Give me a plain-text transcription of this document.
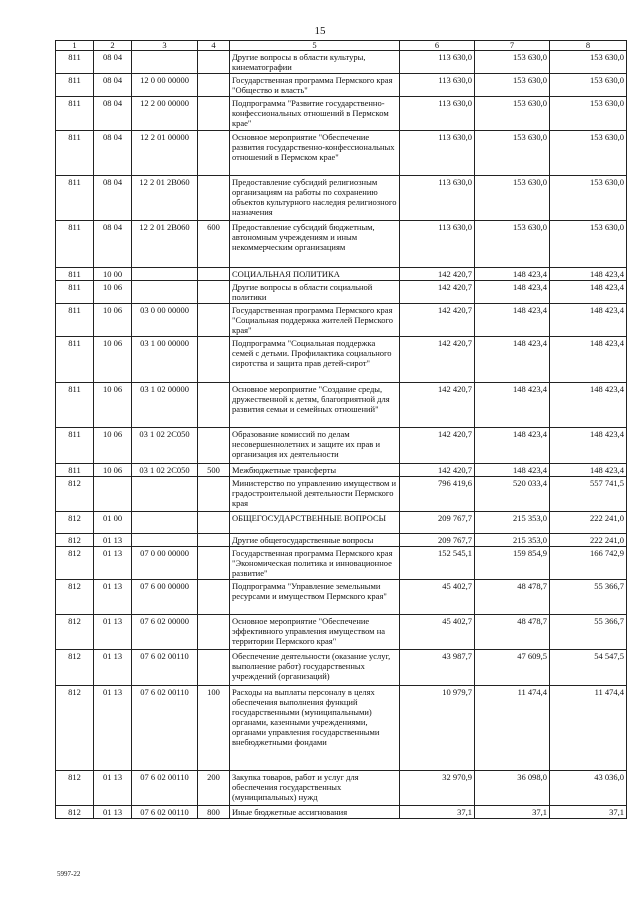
15
1	2	3	4	5	6	7	8
811	08 04			Другие вопросы в области культуры, кинематографии	113 630,0	153 630,0	153 630,0
811	08 04	12 0 00 00000		Государственная программа Пермского края "Общество и власть"	113 630,0	153 630,0	153 630,0
811	08 04	12 2 00 00000		Подпрограмма "Развитие государственно-конфессиональных отношений в Пермском крае"	113 630,0	153 630,0	153 630,0
811	08 04	12 2 01 00000		Основное мероприятие "Обеспечение развития государственно-конфессиональных отношений в Пермском крае"	113 630,0	153 630,0	153 630,0
811	08 04	12 2 01 2В060		Предоставление субсидий религиозным организациям на работы по сохранению объектов культурного наследия религиозного назначения	113 630,0	153 630,0	153 630,0
811	08 04	12 2 01 2В060	600	Предоставление субсидий бюджетным, автономным учреждениям и иным некоммерческим организациям	113 630,0	153 630,0	153 630,0
811	10 00			СОЦИАЛЬНАЯ ПОЛИТИКА	142 420,7	148 423,4	148 423,4
811	10 06			Другие вопросы в области социальной политики	142 420,7	148 423,4	148 423,4
811	10 06	03 0 00 00000		Государственная программа Пермского края "Социальная поддержка жителей Пермского края"	142 420,7	148 423,4	148 423,4
811	10 06	03 1 00 00000		Подпрограмма "Социальная поддержка семей с детьми. Профилактика социального сиротства и защита прав детей-сирот"	142 420,7	148 423,4	148 423,4
811	10 06	03 1 02 00000		Основное мероприятие "Создание среды, дружественной к детям, благоприятной для развития семьи и семейных отношений"	142 420,7	148 423,4	148 423,4
811	10 06	03 1 02 2С050		Образование комиссий по делам несовершеннолетних и защите их прав и организация их деятельности	142 420,7	148 423,4	148 423,4
811	10 06	03 1 02 2С050	500	Межбюджетные трансферты	142 420,7	148 423,4	148 423,4
812				Министерство по управлению имуществом и градостроительной деятельности Пермского края	796 419,6	520 033,4	557 741,5
812	01 00			ОБЩЕГОСУДАРСТВЕННЫЕ ВОПРОСЫ	209 767,7	215 353,0	222 241,0
812	01 13			Другие общегосударственные вопросы	209 767,7	215 353,0	222 241,0
812	01 13	07 0 00 00000		Государственная программа Пермского края "Экономическая политика и инновационное развитие"	152 545,1	159 854,9	166 742,9
812	01 13	07 6 00 00000		Подпрограмма "Управление земельными ресурсами и имуществом Пермского края"	45 402,7	48 478,7	55 366,7
812	01 13	07 6 02 00000		Основное мероприятие "Обеспечение эффективного управления имуществом на территории Пермского края"	45 402,7	48 478,7	55 366,7
812	01 13	07 6 02 00110		Обеспечение деятельности (оказание услуг, выполнение работ) государственных учреждений (организаций)	43 987,7	47 609,5	54 547,5
812	01 13	07 6 02 00110	100	Расходы на выплаты персоналу в целях обеспечения выполнения функций государственными (муниципальными) органами, казенными учреждениями, органами управления государственными внебюджетными фондами	10 979,7	11 474,4	11 474,4
812	01 13	07 6 02 00110	200	Закупка товаров, работ и услуг для обеспечения государственных (муниципальных) нужд	32 970,9	36 098,0	43 036,0
812	01 13	07 6 02 00110	800	Иные бюджетные ассигнования	37,1	37,1	37,1
5997-22
